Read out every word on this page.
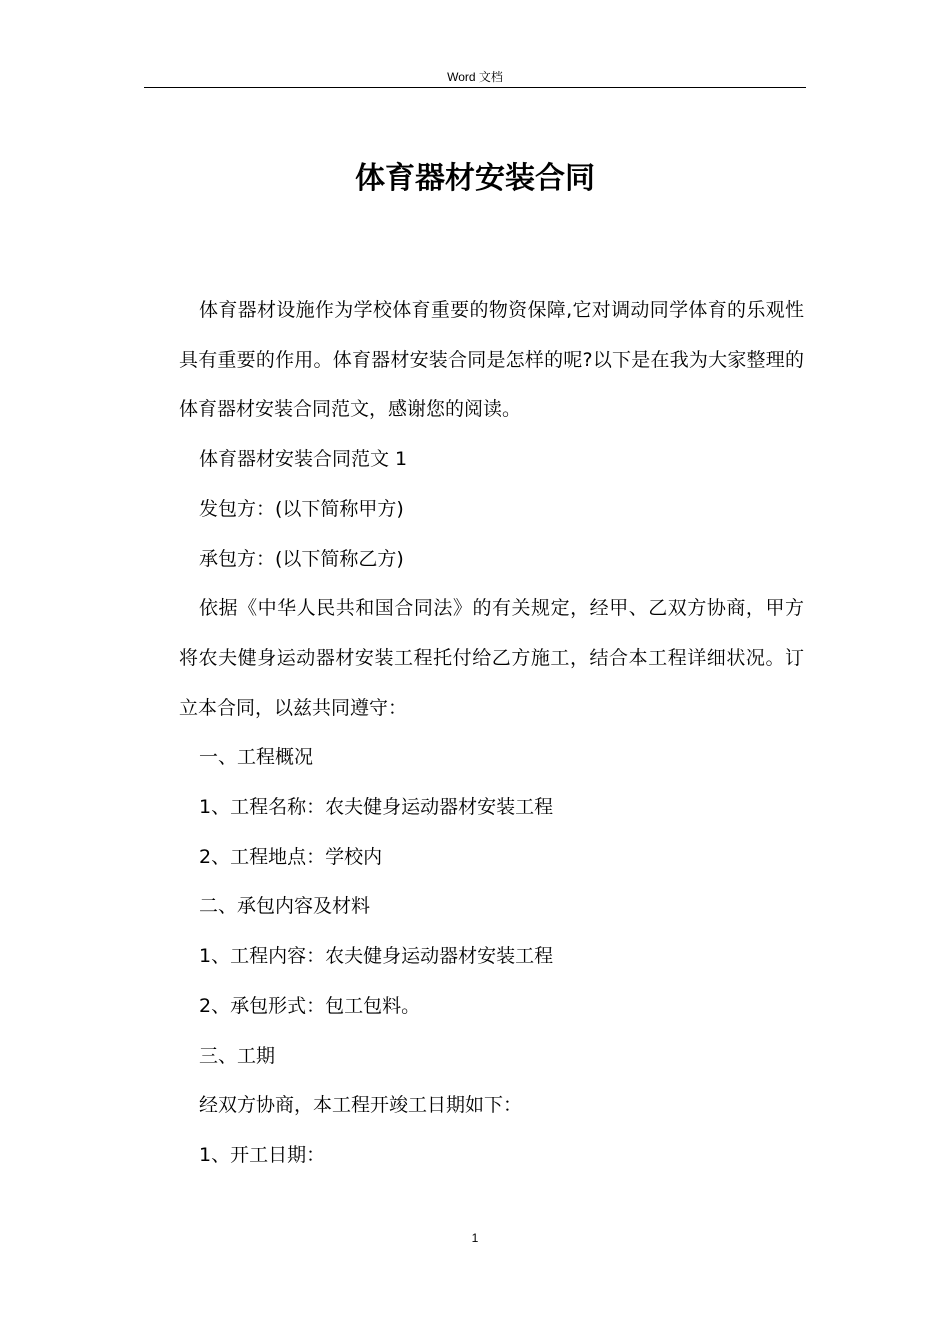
Word 文档
体育器材安装合同

体育器材设施作为学校体育重要的物资保障,它对调动同学体育的乐观性具有重要的作用。体育器材安装合同是怎样的呢?以下是在我为大家整理的体育器材安装合同范文，感谢您的阅读。

体育器材安装合同范文 1

发包方：(以下简称甲方)

承包方：(以下简称乙方)

依据《中华人民共和国合同法》的有关规定，经甲、乙双方协商，甲方将农夫健身运动器材安装工程托付给乙方施工，结合本工程详细状况。订立本合同，以兹共同遵守：

一、工程概况

1、工程名称：农夫健身运动器材安装工程

2、工程地点：学校内

二、承包内容及材料

1、工程内容：农夫健身运动器材安装工程

2、承包形式：包工包料。

三、工期

经双方协商，本工程开竣工日期如下：

1、开工日期：

1
